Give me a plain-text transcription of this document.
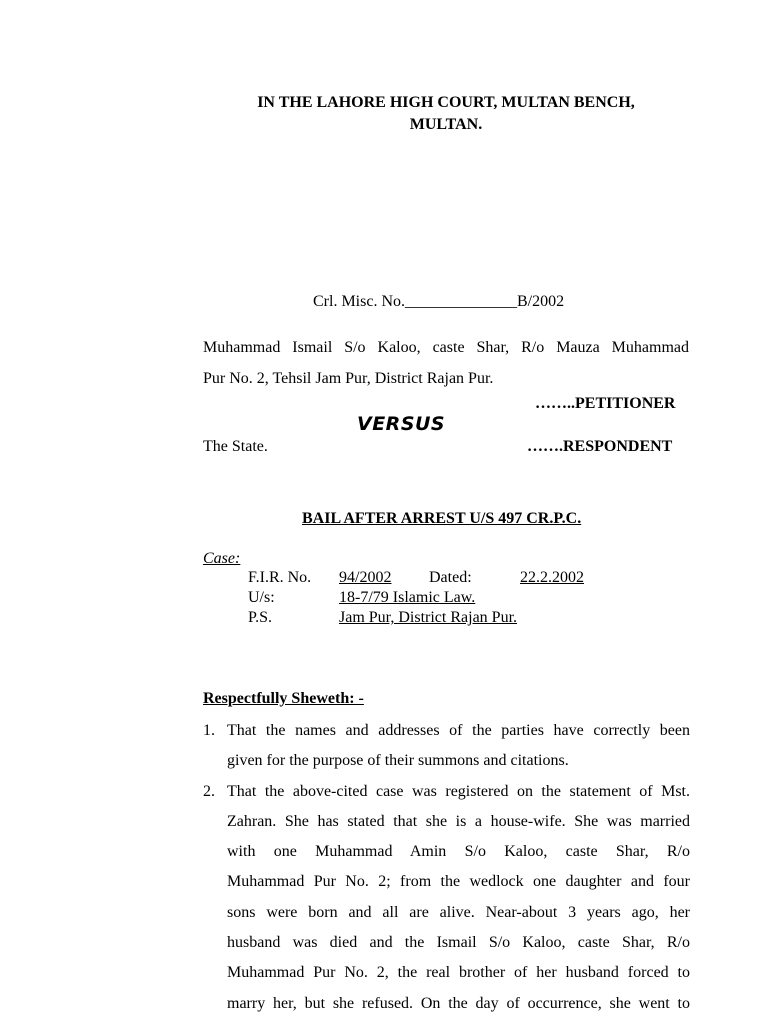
IN THE LAHORE HIGH COURT, MULTAN BENCH,
MULTAN.
Crl. Misc. No.______________B/2002
Muhammad Ismail S/o Kaloo, caste Shar, R/o Mauza Muhammad
Pur No. 2, Tehsil Jam Pur, District Rajan Pur.
……..PETITIONER
VERSUS
The State.	…….RESPONDENT
BAIL AFTER ARREST U/S 497 CR.P.C.
Case:
F.I.R. No. 94/2002 Dated:	22.2.2002
U/s:	18-7/79 Islamic Law.
P.S.	Jam Pur, District Rajan Pur.
Respectfully Sheweth: -
1. That the names and addresses of the parties have correctly been
given for the purpose of their summons and citations.
2. That the above-cited case was registered on the statement of Mst.
Zahran. She has stated that she is a house-wife. She was married
with one Muhammad Amin S/o Kaloo, caste Shar, R/o
Muhammad Pur No. 2; from the wedlock one daughter and four
sons were born and all are alive. Near-about 3 years ago, her
husband was died and the Ismail S/o Kaloo, caste Shar, R/o
Muhammad Pur No. 2, the real brother of her husband forced to
marry her, but she refused. On the day of occurrence, she went to
